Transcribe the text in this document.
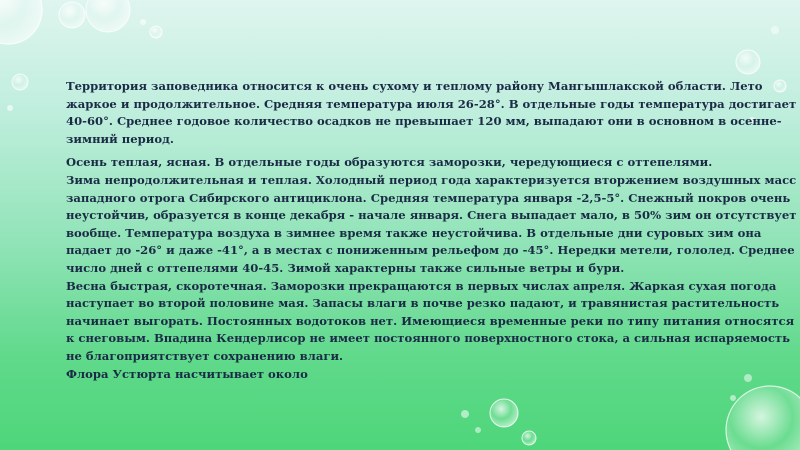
Территория заповедника относится к очень сухому и теплому району Мангышлакской области. Лето
жаркое и продолжительное. Средняя температура июля 26-28°. В отдельные годы температура достигает
40-60°. Среднее годовое количество осадков не превышает 120 мм, выпадают они в основном в осенне-
зимний период.

Осень теплая, ясная. В отдельные годы образуются заморозки, чередующиеся с оттепелями.
Зима непродолжительная и теплая. Холодный период года характеризуется вторжением воздушных масс
западного отрога Сибирского антициклона. Средняя температура января -2,5-5°. Снежный покров очень
неустойчив, образуется в конце декабря - начале января. Снега выпадает мало, в 50% зим он отсутствует
вообще. Температура воздуха в зимнее время также неустойчива. В отдельные дни суровых зим она
падает до -26° и даже -41°, а в местах с пониженным рельефом до -45°. Нередки метели, гололед. Среднее
число дней с оттепелями 40-45. Зимой характерны также сильные ветры и бури.
Весна быстрая, скоротечная. Заморозки прекращаются в первых числах апреля. Жаркая сухая погода
наступает во второй половине мая. Запасы влаги в почве резко падают, и травянистая растительность
начинает выгорать. Постоянных водотоков нет. Имеющиеся временные реки по типу питания относятся
к снеговым. Впадина Кендерлисор не имеет постоянного поверхностного стока, а сильная испаряемость
не благоприятствует сохранению влаги.
Флора Устюрта насчитывает около
